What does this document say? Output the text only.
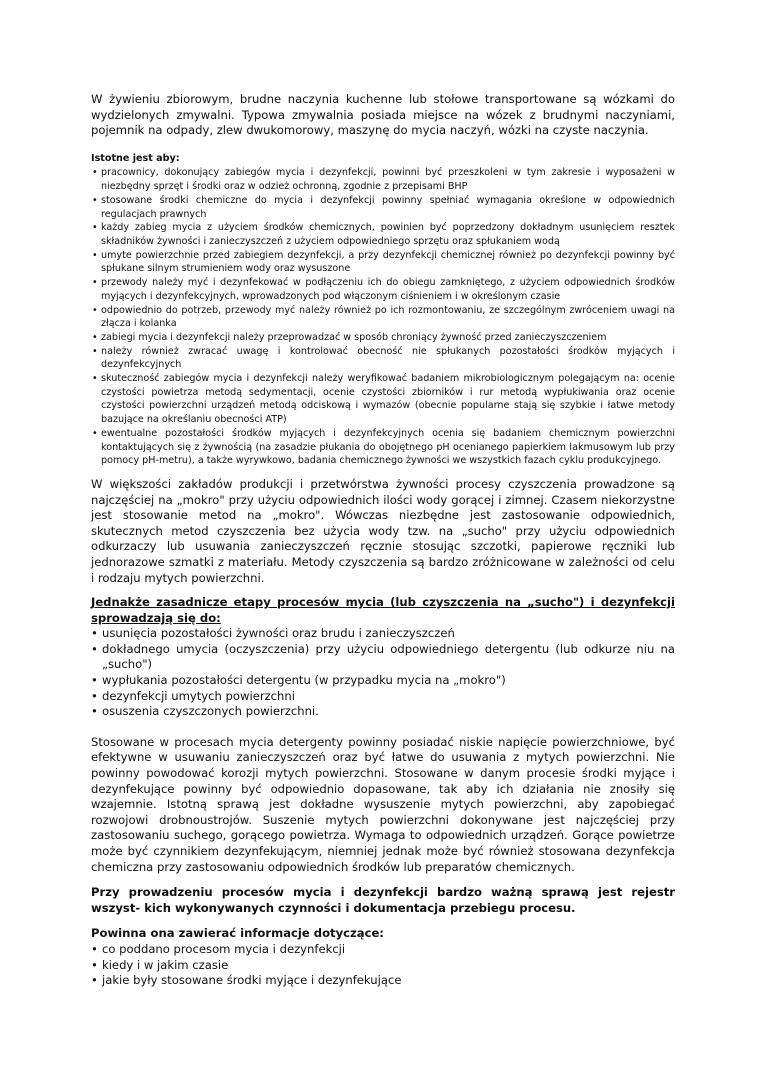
W żywieniu zbiorowym, brudne naczynia kuchenne lub stołowe transportowane są wózkami do wydzielonych zmywalni. Typowa zmywalnia posiada miejsce na wózek z brudnymi naczyniami, pojemnik na odpady, zlew dwukomorowy, maszynę do mycia naczyń, wózki na czyste naczynia.

Istotne jest aby:
• pracownicy, dokonujący zabiegów mycia i dezynfekcji, powinni być przeszkoleni w tym zakresie i wyposażeni w niezbędny sprzęt i środki oraz w odzież ochronną, zgodnie z przepisami BHP
• stosowane środki chemiczne do mycia i dezynfekcji powinny spełniać wymagania określone w odpowiednich regulacjach prawnych
• każdy zabieg mycia z użyciem środków chemicznych, powinien być poprzedzony dokładnym usunięciem resztek składników żywności i zanieczyszczeń z użyciem odpowiedniego sprzętu oraz spłukaniem wodą
• umyte powierzchnie przed zabiegiem dezynfekcji, a przy dezynfekcji chemicznej również po dezynfekcji powinny być spłukane silnym strumieniem wody oraz wysuszone
• przewody należy myć i dezynfekować w podłączeniu ich do obiegu zamkniętego, z użyciem odpowiednich środków myjących i dezynfekcyjnych, wprowadzonych pod włączonym ciśnieniem i w określonym czasie
• odpowiednio do potrzeb, przewody myć należy również po ich rozmontowaniu, ze szczególnym zwróceniem uwagi na złącza i kolanka
• zabiegi mycia i dezynfekcji należy przeprowadzać w sposób chroniący żywność przed zanieczyszczeniem
• należy również zwracać uwagę i kontrolować obecność nie spłukanych pozostałości środków myjących i dezynfekcyjnych
• skuteczność zabiegów mycia i dezynfekcji należy weryfikować badaniem mikrobiologicznym polegającym na: ocenie czystości powietrza metodą sedymentacji, ocenie czystości zbiorników i rur metodą wypłukiwania oraz ocenie czystości powierzchni urządzeń metodą odciskową i wymazów (obecnie popularne stają się szybkie i łatwe metody bazujące na określaniu obecności ATP)
• ewentualne pozostałości środków myjących i dezynfekcyjnych ocenia się badaniem chemicznym powierzchni kontaktujących się z żywnością (na zasadzie płukania do obojętnego pH ocenianego papierkiem lakmusowym lub przy pomocy pH-metru), a także wyrywkowo, badania chemicznego żywności we wszystkich fazach cyklu produkcyjnego.

W większości zakładów produkcji i przetwórstwa żywności procesy czyszczenia prowadzone są najczęściej na „mokro" przy użyciu odpowiednich ilości wody gorącej i zimnej. Czasem niekorzystne jest stosowanie metod na „mokro". Wówczas niezbędne jest zastosowanie odpowiednich, skutecznych metod czyszczenia bez użycia wody tzw. na „sucho" przy użyciu odpowiednich odkurzaczy lub usuwania zanieczyszczeń ręcznie stosując szczotki, papierowe ręczniki lub jednorazowe szmatki z materiału. Metody czyszczenia są bardzo zróżnicowane w zależności od celu i rodzaju mytych powierzchni.

Jednakże zasadnicze etapy procesów mycia (lub czyszczenia na „sucho") i dezynfekcji sprowadzają się do:
• usunięcia pozostałości żywności oraz brudu i zanieczyszczeń
• dokładnego umycia (oczyszczenia) przy użyciu odpowiedniego detergentu (lub odkurze niu na „sucho")
• wypłukania pozostałości detergentu (w przypadku mycia na „mokro")
• dezynfekcji umytych powierzchni
• osuszenia czyszczonych powierzchni.

Stosowane w procesach mycia detergenty powinny posiadać niskie napięcie powierzchniowe, być efektywne w usuwaniu zanieczyszczeń oraz być łatwe do usuwania z mytych powierzchni. Nie powinny powodować korozji mytych powierzchni. Stosowane w danym procesie środki myjące i dezynfekujące powinny być odpowiednio dopasowane, tak aby ich działania nie znosiły się wzajemnie. Istotną sprawą jest dokładne wysuszenie mytych powierzchni, aby zapobiegać rozwojowi drobnoustrojów. Suszenie mytych powierzchni dokonywane jest najczęściej przy zastosowaniu suchego, gorącego powietrza. Wymaga to odpowiednich urządzeń. Gorące powietrze może być czynnikiem dezynfekującym, niemniej jednak może być również stosowana dezynfekcja chemiczna przy zastosowaniu odpowiednich środków lub preparatów chemicznych.

Przy prowadzeniu procesów mycia i dezynfekcji bardzo ważną sprawą jest rejestr wszyst- kich wykonywanych czynności i dokumentacja przebiegu procesu.

Powinna ona zawierać informacje dotyczące:
• co poddano procesom mycia i dezynfekcji
• kiedy i w jakim czasie
• jakie były stosowane środki myjące i dezynfekujące
